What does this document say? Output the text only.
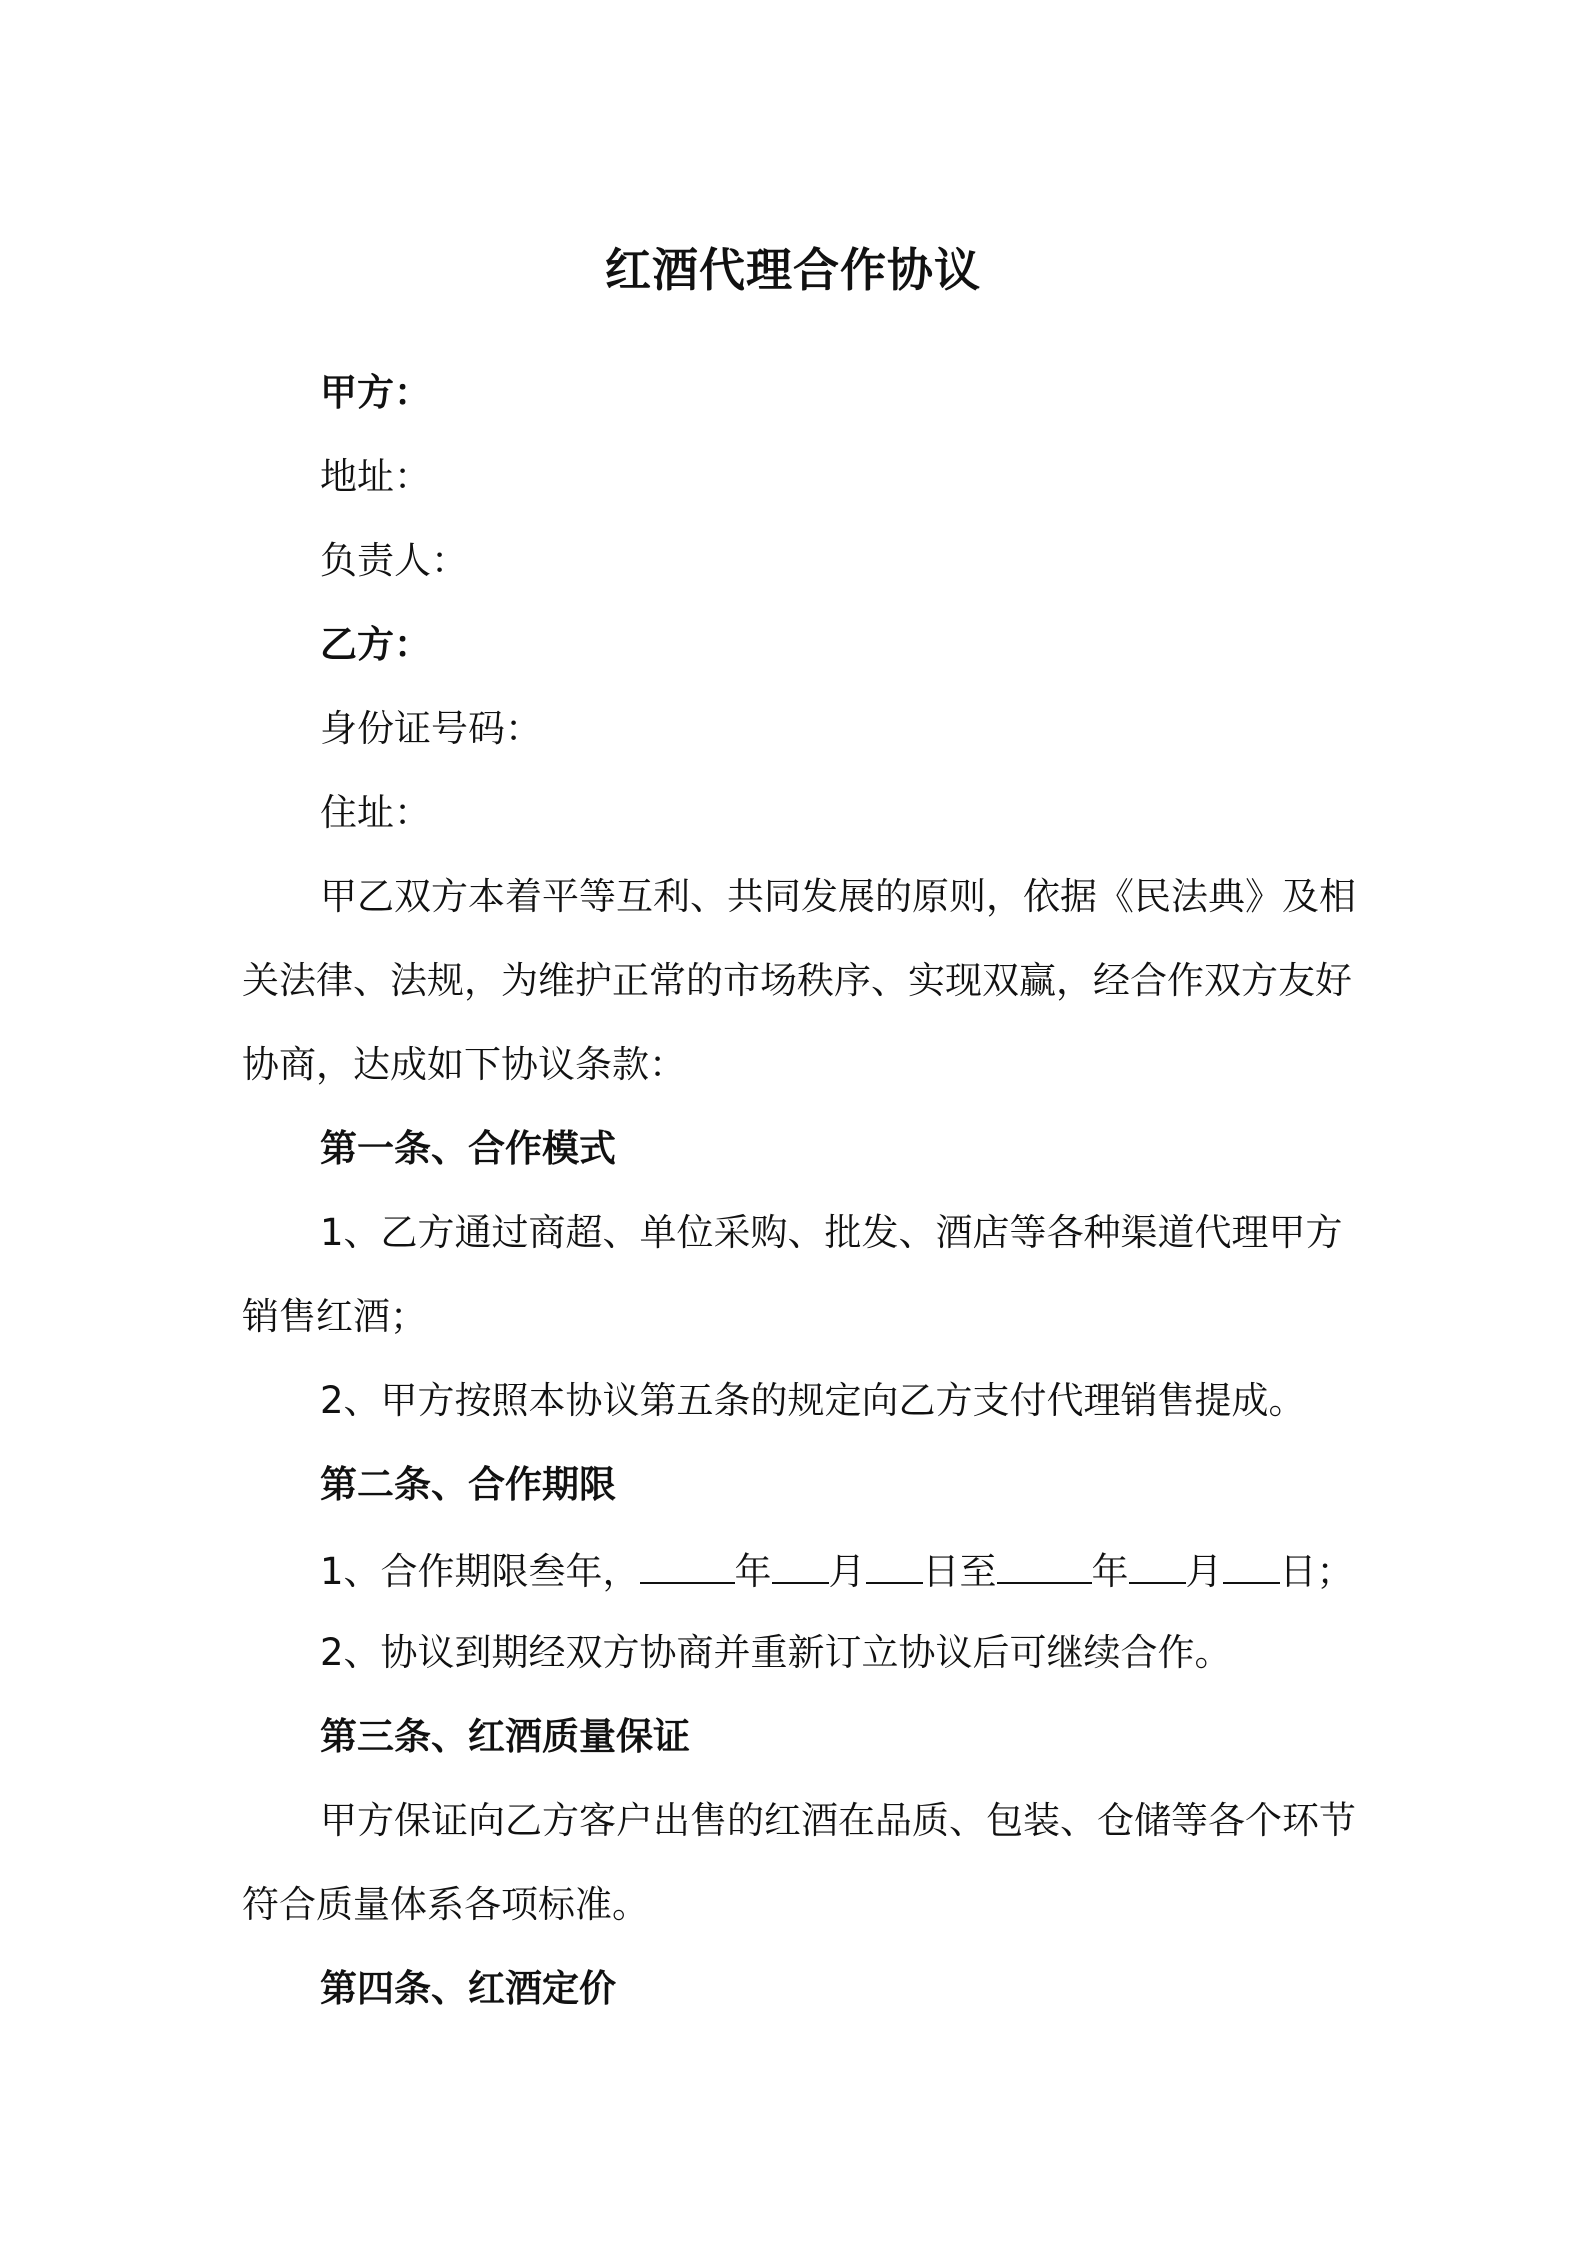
红酒代理合作协议
甲方：
地址：
负责人：
乙方：
身份证号码：
住址：
甲乙双方本着平等互利、共同发展的原则，依据《民法典》及相
关法律、法规，为维护正常的市场秩序、实现双赢，经合作双方友好
协商，达成如下协议条款：
第一条、合作模式
1、乙方通过商超、单位采购、批发、酒店等各种渠道代理甲方
销售红酒；
2、甲方按照本协议第五条的规定向乙方支付代理销售提成。
第二条、合作期限
1、合作期限叁年，	年 月 日至	年 月 日；
2、协议到期经双方协商并重新订立协议后可继续合作。
第三条、红酒质量保证
甲方保证向乙方客户出售的红酒在品质、包装、仓储等各个环节
符合质量体系各项标准。
第四条、红酒定价
